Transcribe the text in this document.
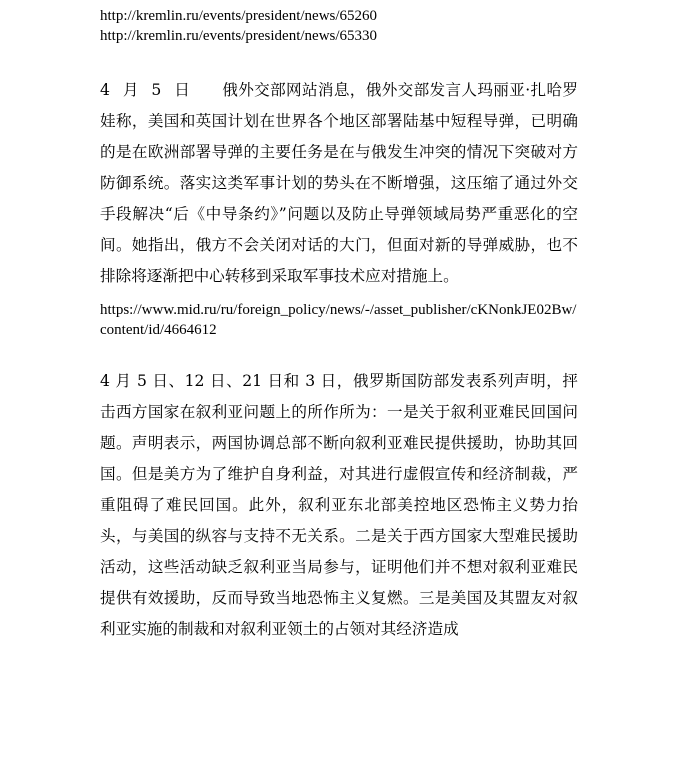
http://kremlin.ru/events/president/news/65260

http://kremlin.ru/events/president/news/65330

4 月 5 日 俄外交部网站消息，俄外交部发言人玛丽亚·扎哈罗娃称，美国和英国计划在世界各个地区部署陆基中短程导弹，已明确的是在欧洲部署导弹的主要任务是在与俄发生冲突的情况下突破对方防御系统。落实这类军事计划的势头在不断增强，这压缩了通过外交手段解决“后《中导条约》”问题以及防止导弹领域局势严重恶化的空间。她指出，俄方不会关闭对话的大门，但面对新的导弹威胁，也不排除将逐渐把中心转移到采取军事技术应对措施上。

https://www.mid.ru/ru/foreign_policy/news/-/asset_publisher/cKNonkJE02Bw/content/id/4664612

4 月 5 日、12 日、21 日和 3 日，俄罗斯国防部发表系列声明，抨击西方国家在叙利亚问题上的所作所为：一是关于叙利亚难民回国问题。声明表示，两国协调总部不断向叙利亚难民提供援助，协助其回国。但是美方为了维护自身利益，对其进行虚假宣传和经济制裁，严重阻碍了难民回国。此外，叙利亚东北部美控地区恐怖主义势力抬头，与美国的纵容与支持不无关系。二是关于西方国家大型难民援助活动，这些活动缺乏叙利亚当局参与，证明他们并不想对叙利亚难民提供有效援助，反而导致当地恐怖主义复燃。三是美国及其盟友对叙利亚实施的制裁和对叙利亚领土的占领对其经济造成
